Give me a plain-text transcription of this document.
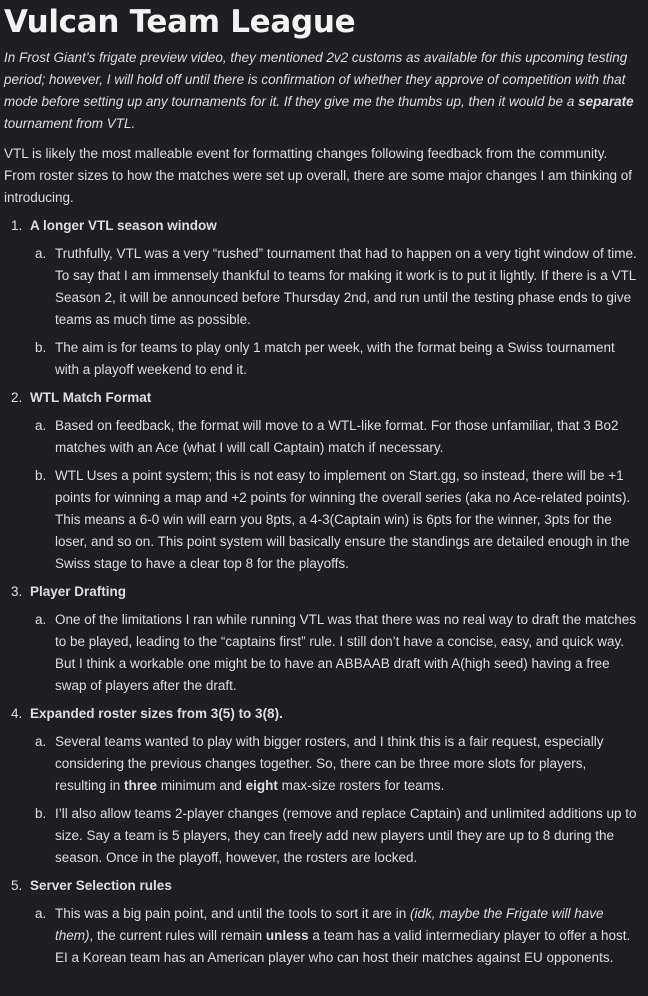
Vulcan Team League

In Frost Giant’s frigate preview video, they mentioned 2v2 customs as available for this upcoming testing period; however, I will hold off until there is confirmation of whether they approve of competition with that mode before setting up any tournaments for it. If they give me the thumbs up, then it would be a separate tournament from VTL.

VTL is likely the most malleable event for formatting changes following feedback from the community. From roster sizes to how the matches were set up overall, there are some major changes I am thinking of introducing.

1. A longer VTL season window
a. Truthfully, VTL was a very “rushed” tournament that had to happen on a very tight window of time. To say that I am immensely thankful to teams for making it work is to put it lightly. If there is a VTL Season 2, it will be announced before Thursday 2nd, and run until the testing phase ends to give teams as much time as possible.
b. The aim is for teams to play only 1 match per week, with the format being a Swiss tournament with a playoff weekend to end it.
2. WTL Match Format
a. Based on feedback, the format will move to a WTL-like format. For those unfamiliar, that 3 Bo2 matches with an Ace (what I will call Captain) match if necessary.
b. WTL Uses a point system; this is not easy to implement on Start.gg, so instead, there will be +1 points for winning a map and +2 points for winning the overall series (aka no Ace-related points). This means a 6-0 win will earn you 8pts, a 4-3(Captain win) is 6pts for the winner, 3pts for the loser, and so on. This point system will basically ensure the standings are detailed enough in the Swiss stage to have a clear top 8 for the playoffs.
3. Player Drafting
a. One of the limitations I ran while running VTL was that there was no real way to draft the matches to be played, leading to the “captains first” rule. I still don’t have a concise, easy, and quick way. But I think a workable one might be to have an ABBAAB draft with A(high seed) having a free swap of players after the draft.
4. Expanded roster sizes from 3(5) to 3(8).
a. Several teams wanted to play with bigger rosters, and I think this is a fair request, especially considering the previous changes together. So, there can be three more slots for players, resulting in three minimum and eight max-size rosters for teams.
b. I’ll also allow teams 2-player changes (remove and replace Captain) and unlimited additions up to size. Say a team is 5 players, they can freely add new players until they are up to 8 during the season. Once in the playoff, however, the rosters are locked.
5. Server Selection rules
a. This was a big pain point, and until the tools to sort it are in (idk, maybe the Frigate will have them), the current rules will remain unless a team has a valid intermediary player to offer a host. EI a Korean team has an American player who can host their matches against EU opponents.
